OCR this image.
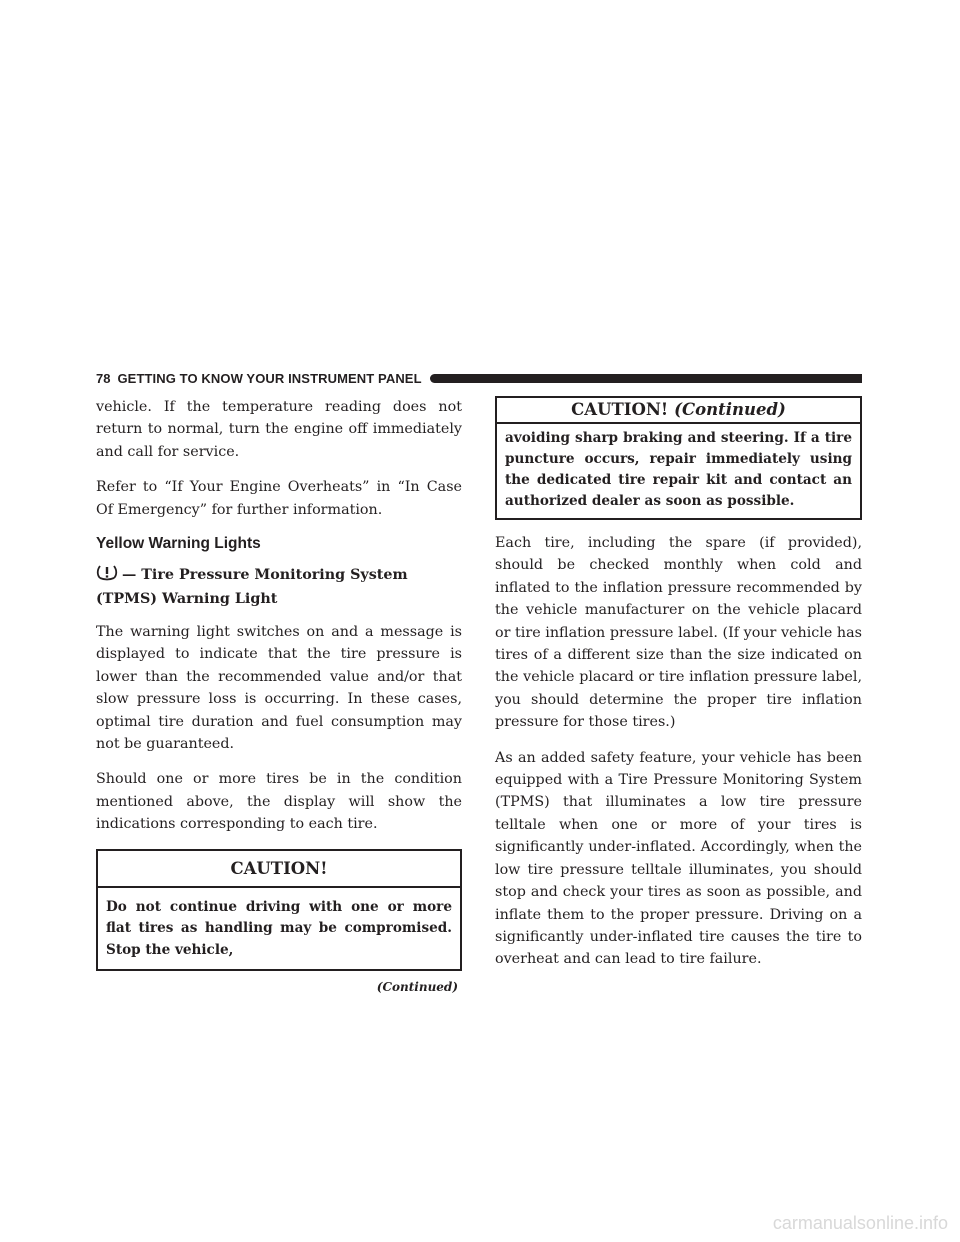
78 GETTING TO KNOW YOUR INSTRUMENT PANEL

vehicle. If the temperature reading does not return to normal, turn the engine off immediately and call for service.

Refer to “If Your Engine Overheats” in “In Case Of Emergency” for further information.

Yellow Warning Lights
— Tire Pressure Monitoring System (TPMS) Warning Light

The warning light switches on and a message is displayed to indicate that the tire pressure is lower than the recommended value and/or that slow pressure loss is occurring. In these cases, optimal tire duration and fuel consumption may not be guaranteed.

Should one or more tires be in the condition mentioned above, the display will show the indications corresponding to each tire.

CAUTION!
Do not continue driving with one or more flat tires as handling may be compromised. Stop the vehicle,
(Continued)
CAUTION! (Continued)
avoiding sharp braking and steering. If a tire puncture occurs, repair immediately using the dedicated tire repair kit and contact an authorized dealer as soon as possible.

Each tire, including the spare (if provided), should be checked monthly when cold and inflated to the inflation pressure recommended by the vehicle manufacturer on the vehicle placard or tire inflation pressure label. (If your vehicle has tires of a different size than the size indicated on the vehicle placard or tire inflation pressure label, you should determine the proper tire inflation pressure for those tires.)

As an added safety feature, your vehicle has been equipped with a Tire Pressure Monitoring System (TPMS) that illuminates a low tire pressure telltale when one or more of your tires is significantly under-inflated. Accordingly, when the low tire pressure telltale illuminates, you should stop and check your tires as soon as possible, and inflate them to the proper pressure. Driving on a significantly under-inflated tire causes the tire to overheat and can lead to tire failure.

carmanualsonline.info
